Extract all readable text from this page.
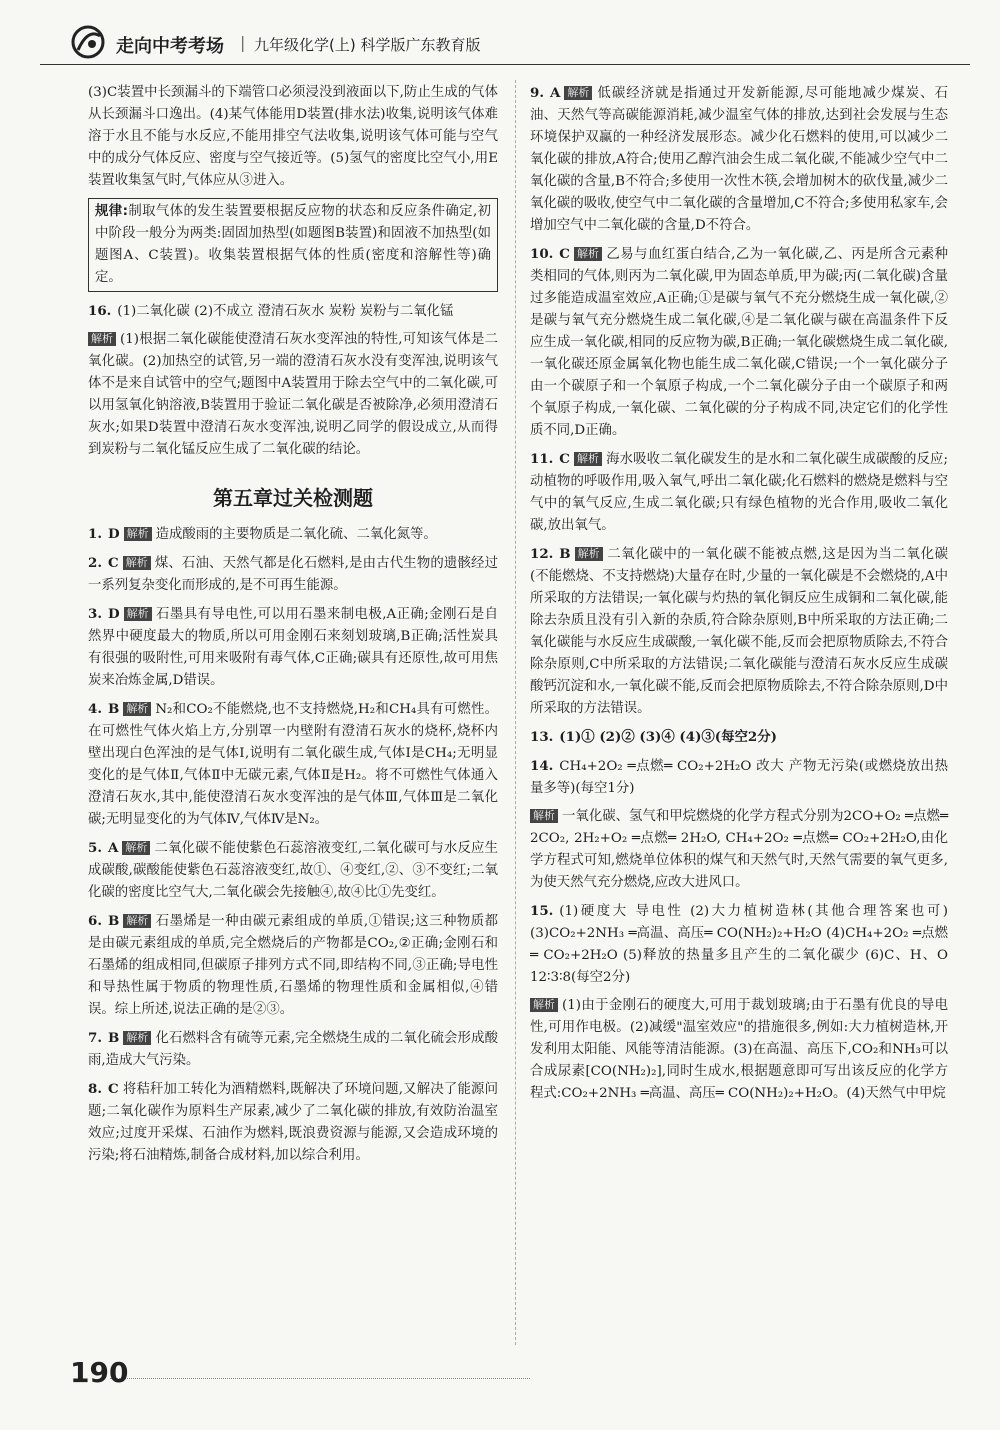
走向中考考场 | 九年级化学(上) 科学版广东教育版

(3)C装置中长颈漏斗的下端管口必须浸没到液面以下,防止生成的气体从长颈漏斗口逸出。(4)某气体能用D装置(排水法)收集,说明该气体难溶于水且不能与水反应,不能用排空气法收集,说明该气体可能与空气中的成分气体反应、密度与空气接近等。(5)氢气的密度比空气小,用E装置收集氢气时,气体应从③进入。

规律:制取气体的发生装置要根据反应物的状态和反应条件确定,初中阶段一般分为两类:固固加热型(如题图B装置)和固液不加热型(如题图A、C装置)。收集装置根据气体的性质(密度和溶解性等)确定。

16. (1)二氧化碳 (2)不成立 澄清石灰水 炭粉 炭粉与二氧化锰

解析 (1)根据二氧化碳能使澄清石灰水变浑浊的特性,可知该气体是二氧化碳。(2)加热空的试管,另一端的澄清石灰水没有变浑浊,说明该气体不是来自试管中的空气;题图中A装置用于除去空气中的二氧化碳,可以用氢氧化钠溶液,B装置用于验证二氧化碳是否被除净,必须用澄清石灰水;如果D装置中澄清石灰水变浑浊,说明乙同学的假设成立,从而得到炭粉与二氧化锰反应生成了二氧化碳的结论。

第五章过关检测题

1. D 解析 造成酸雨的主要物质是二氧化硫、二氧化氮等。

2. C 解析 煤、石油、天然气都是化石燃料,是由古代生物的遗骸经过一系列复杂变化而形成的,是不可再生能源。

3. D 解析 石墨具有导电性,可以用石墨来制电极,A正确;金刚石是自然界中硬度最大的物质,所以可用金刚石来刻划玻璃,B正确;活性炭具有很强的吸附性,可用来吸附有毒气体,C正确;碳具有还原性,故可用焦炭来冶炼金属,D错误。

4. B 解析 N₂和CO₂不能燃烧,也不支持燃烧,H₂和CH₄具有可燃性。在可燃性气体火焰上方,分别罩一内壁附有澄清石灰水的烧杯,烧杯内壁出现白色浑浊的是气体Ⅰ,说明有二氧化碳生成,气体Ⅰ是CH₄;无明显变化的是气体Ⅱ,气体Ⅱ中无碳元素,气体Ⅱ是H₂。将不可燃性气体通入澄清石灰水,其中,能使澄清石灰水变浑浊的是气体Ⅲ,气体Ⅲ是二氧化碳;无明显变化的为气体Ⅳ,气体Ⅳ是N₂。

5. A 解析 二氧化碳不能使紫色石蕊溶液变红,二氧化碳可与水反应生成碳酸,碳酸能使紫色石蕊溶液变红,故①、④变红,②、③不变红;二氧化碳的密度比空气大,二氧化碳会先接触④,故④比①先变红。

6. B 解析 石墨烯是一种由碳元素组成的单质,①错误;这三种物质都是由碳元素组成的单质,完全燃烧后的产物都是CO₂,②正确;金刚石和石墨烯的组成相同,但碳原子排列方式不同,即结构不同,③正确;导电性和导热性属于物质的物理性质,石墨烯的物理性质和金属相似,④错误。综上所述,说法正确的是②③。

7. B 解析 化石燃料含有硫等元素,完全燃烧生成的二氧化硫会形成酸雨,造成大气污染。

8. C 将秸秆加工转化为酒精燃料,既解决了环境问题,又解决了能源问题;二氧化碳作为原料生产尿素,减少了二氧化碳的排放,有效防治温室效应;过度开采煤、石油作为燃料,既浪费资源与能源,又会造成环境的污染;将石油精炼,制备合成材料,加以综合利用。

9. A 解析 低碳经济就是指通过开发新能源,尽可能地减少煤炭、石油、天然气等高碳能源消耗,减少温室气体的排放,达到社会发展与生态环境保护双赢的一种经济发展形态。减少化石燃料的使用,可以减少二氧化碳的排放,A符合;使用乙醇汽油会生成二氧化碳,不能减少空气中二氧化碳的含量,B不符合;多使用一次性木筷,会增加树木的砍伐量,减少二氧化碳的吸收,使空气中二氧化碳的含量增加,C不符合;多使用私家车,会增加空气中二氧化碳的含量,D不符合。

10. C 解析 乙易与血红蛋白结合,乙为一氧化碳,乙、丙是所含元素种类相同的气体,则丙为二氧化碳,甲为固态单质,甲为碳;丙(二氧化碳)含量过多能造成温室效应,A正确;①是碳与氧气不充分燃烧生成一氧化碳,②是碳与氧气充分燃烧生成二氧化碳,④是二氧化碳与碳在高温条件下反应生成一氧化碳,相同的反应物为碳,B正确;一氧化碳燃烧生成二氧化碳,一氧化碳还原金属氧化物也能生成二氧化碳,C错误;一个一氧化碳分子由一个碳原子和一个氧原子构成,一个二氧化碳分子由一个碳原子和两个氧原子构成,一氧化碳、二氧化碳的分子构成不同,决定它们的化学性质不同,D正确。

11. C 解析 海水吸收二氧化碳发生的是水和二氧化碳生成碳酸的反应;动植物的呼吸作用,吸入氧气,呼出二氧化碳;化石燃料的燃烧是燃料与空气中的氧气反应,生成二氧化碳;只有绿色植物的光合作用,吸收二氧化碳,放出氧气。

12. B 解析 二氧化碳中的一氧化碳不能被点燃,这是因为当二氧化碳(不能燃烧、不支持燃烧)大量存在时,少量的一氧化碳是不会燃烧的,A中所采取的方法错误;一氧化碳与灼热的氧化铜反应生成铜和二氧化碳,能除去杂质且没有引入新的杂质,符合除杂原则,B中所采取的方法正确;二氧化碳能与水反应生成碳酸,一氧化碳不能,反而会把原物质除去,不符合除杂原则,C中所采取的方法错误;二氧化碳能与澄清石灰水反应生成碳酸钙沉淀和水,一氧化碳不能,反而会把原物质除去,不符合除杂原则,D中所采取的方法错误。

13. (1)① (2)② (3)④ (4)③(每空2分)

14. CH₄+2O₂ ═点燃═ CO₂+2H₂O 改大 产物无污染(或燃烧放出热量多等)(每空1分)

解析 一氧化碳、氢气和甲烷燃烧的化学方程式分别为2CO+O₂ ═点燃═ 2CO₂, 2H₂+O₂ ═点燃═ 2H₂O, CH₄+2O₂ ═点燃═ CO₂+2H₂O,由化学方程式可知,燃烧单位体积的煤气和天然气时,天然气需要的氧气更多,为使天然气充分燃烧,应改大进风口。

15. (1)硬度大 导电性 (2)大力植树造林(其他合理答案也可) (3)CO₂+2NH₃ ═高温、高压═ CO(NH₂)₂+H₂O (4)CH₄+2O₂ ═点燃═ CO₂+2H₂O (5)释放的热量多且产生的二氧化碳少 (6)C、H、O 12∶3∶8(每空2分)

解析 (1)由于金刚石的硬度大,可用于裁划玻璃;由于石墨有优良的导电性,可用作电极。(2)减缓"温室效应"的措施很多,例如:大力植树造林,开发利用太阳能、风能等清洁能源。(3)在高温、高压下,CO₂和NH₃可以合成尿素[CO(NH₂)₂],同时生成水,根据题意即可写出该反应的化学方程式:CO₂+2NH₃ ═高温、高压═ CO(NH₂)₂+H₂O。(4)天然气中甲烷

190
